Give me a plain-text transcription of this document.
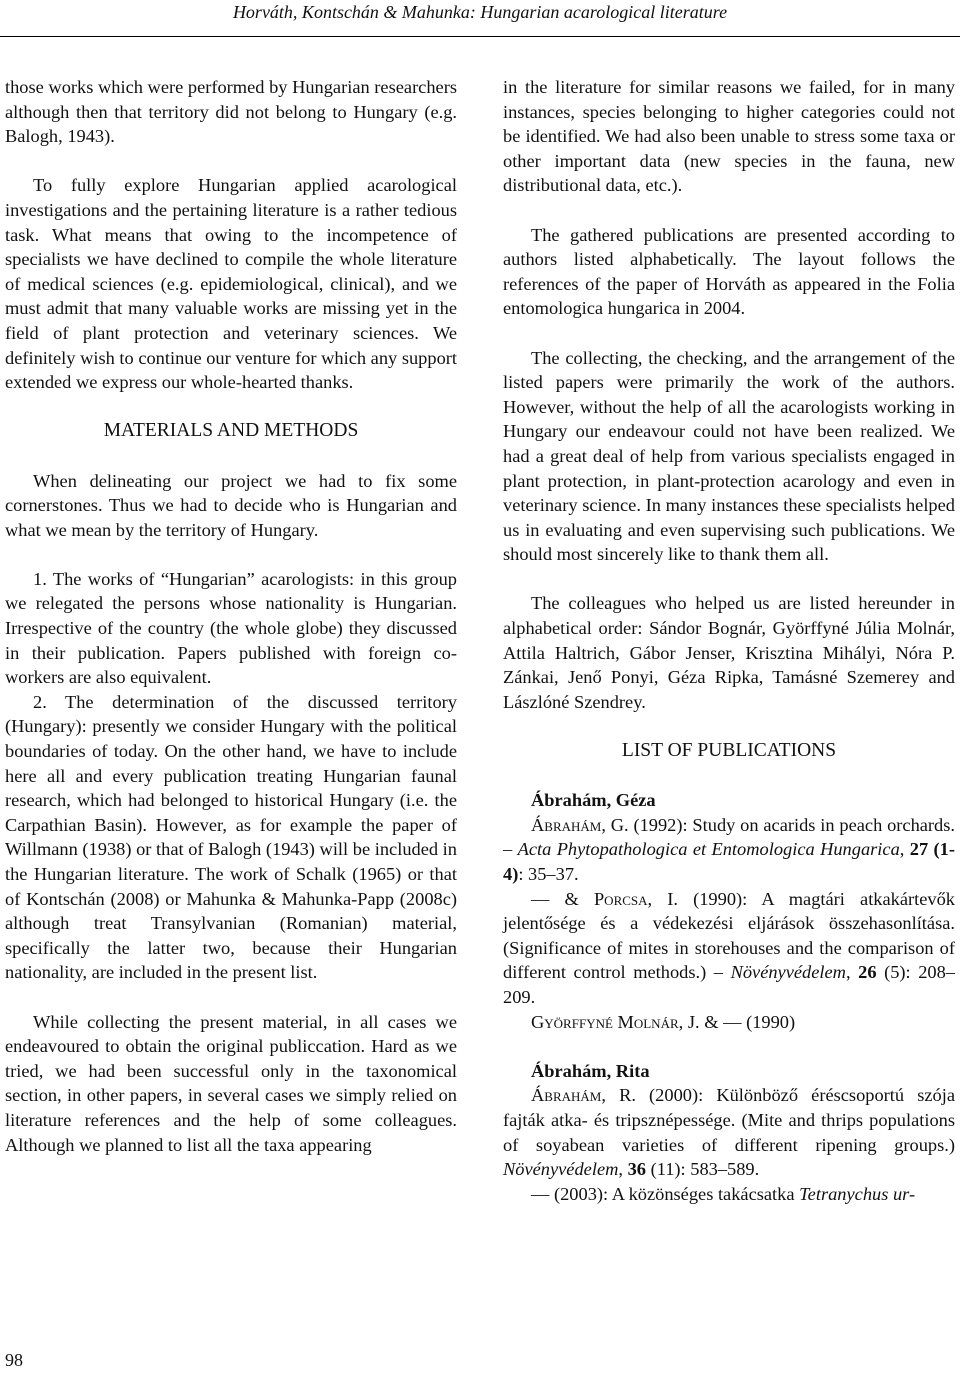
Horváth, Kontschán & Mahunka: Hungarian acarological literature

those works which were performed by Hungarian researchers although then that territory did not belong to Hungary (e.g. Balogh, 1943).

To fully explore Hungarian applied acarological investigations and the pertaining literature is a rather tedious task. What means that owing to the incompetence of specialists we have declined to compile the whole literature of medical sciences (e.g. epidemiological, clinical), and we must admit that many valuable works are missing yet in the field of plant protection and veterinary sciences. We definitely wish to continue our venture for which any support extended we express our whole-hearted thanks.

MATERIALS AND METHODS

When delineating our project we had to fix some cornerstones. Thus we had to decide who is Hungarian and what we mean by the territory of Hungary.

1. The works of “Hungarian” acarologists: in this group we relegated the persons whose nationality is Hungarian. Irrespective of the country (the whole globe) they discussed in their publication. Papers published with foreign co-workers are also equivalent.

2. The determination of the discussed territory (Hungary): presently we consider Hungary with the political boundaries of today. On the other hand, we have to include here all and every publication treating Hungarian faunal research, which had belonged to historical Hungary (i.e. the Carpathian Basin). However, as for example the paper of Willmann (1938) or that of Balogh (1943) will be included in the Hungarian literature. The work of Schalk (1965) or that of Kontschán (2008) or Mahunka & Mahunka-Papp (2008c) although treat Transylvanian (Romanian) material, specifically the latter two, because their Hungarian nationality, are included in the present list.

While collecting the present material, in all cases we endeavoured to obtain the original publiccation. Hard as we tried, we had been successful only in the taxonomical section, in other papers, in several cases we simply relied on literature references and the help of some colleagues. Although we planned to list all the taxa appearing

in the literature for similar reasons we failed, for in many instances, species belonging to higher categories could not be identified. We had also been unable to stress some taxa or other important data (new species in the fauna, new distributional data, etc.).

The gathered publications are presented according to authors listed alphabetically. The layout follows the references of the paper of Horváth as appeared in the Folia entomologica hungarica in 2004.

The collecting, the checking, and the arrangement of the listed papers were primarily the work of the authors. However, without the help of all the acarologists working in Hungary our endeavour could not have been realized. We had a great deal of help from various specialists engaged in plant protection, in plant-protection acarology and even in veterinary science. In many instances these specialists helped us in evaluating and even supervising such publications. We should most sincerely like to thank them all.

The colleagues who helped us are listed hereunder in alphabetical order: Sándor Bognár, Györffyné Júlia Molnár, Attila Haltrich, Gábor Jenser, Krisztina Mihályi, Nóra P. Zánkai, Jenő Ponyi, Géza Ripka, Tamásné Szemerey and Lászlóné Szendrey.

LIST OF PUBLICATIONS

Ábrahám, Géza

Ábrahám, G. (1992): Study on acarids in peach orchards. – Acta Phytopathologica et Entomologica Hungarica, 27 (1-4): 35–37.

— & Porcsa, I. (1990): A magtári atkakártevők jelentősége és a védekezési eljárások összehasonlítása. (Significance of mites in storehouses and the comparison of different control methods.) – Növényvédelem, 26 (5): 208–209.

Györffyné Molnár, J. & — (1990)

Ábrahám, Rita

Ábrahám, R. (2000): Különböző éréscsoportú szója fajták atka- és tripsznépessége. (Mite and thrips populations of soyabean varieties of different ripening groups.) Növényvédelem, 36 (11): 583–589.

— (2003): A közönséges takácsatka Tetranychus ur-

98
